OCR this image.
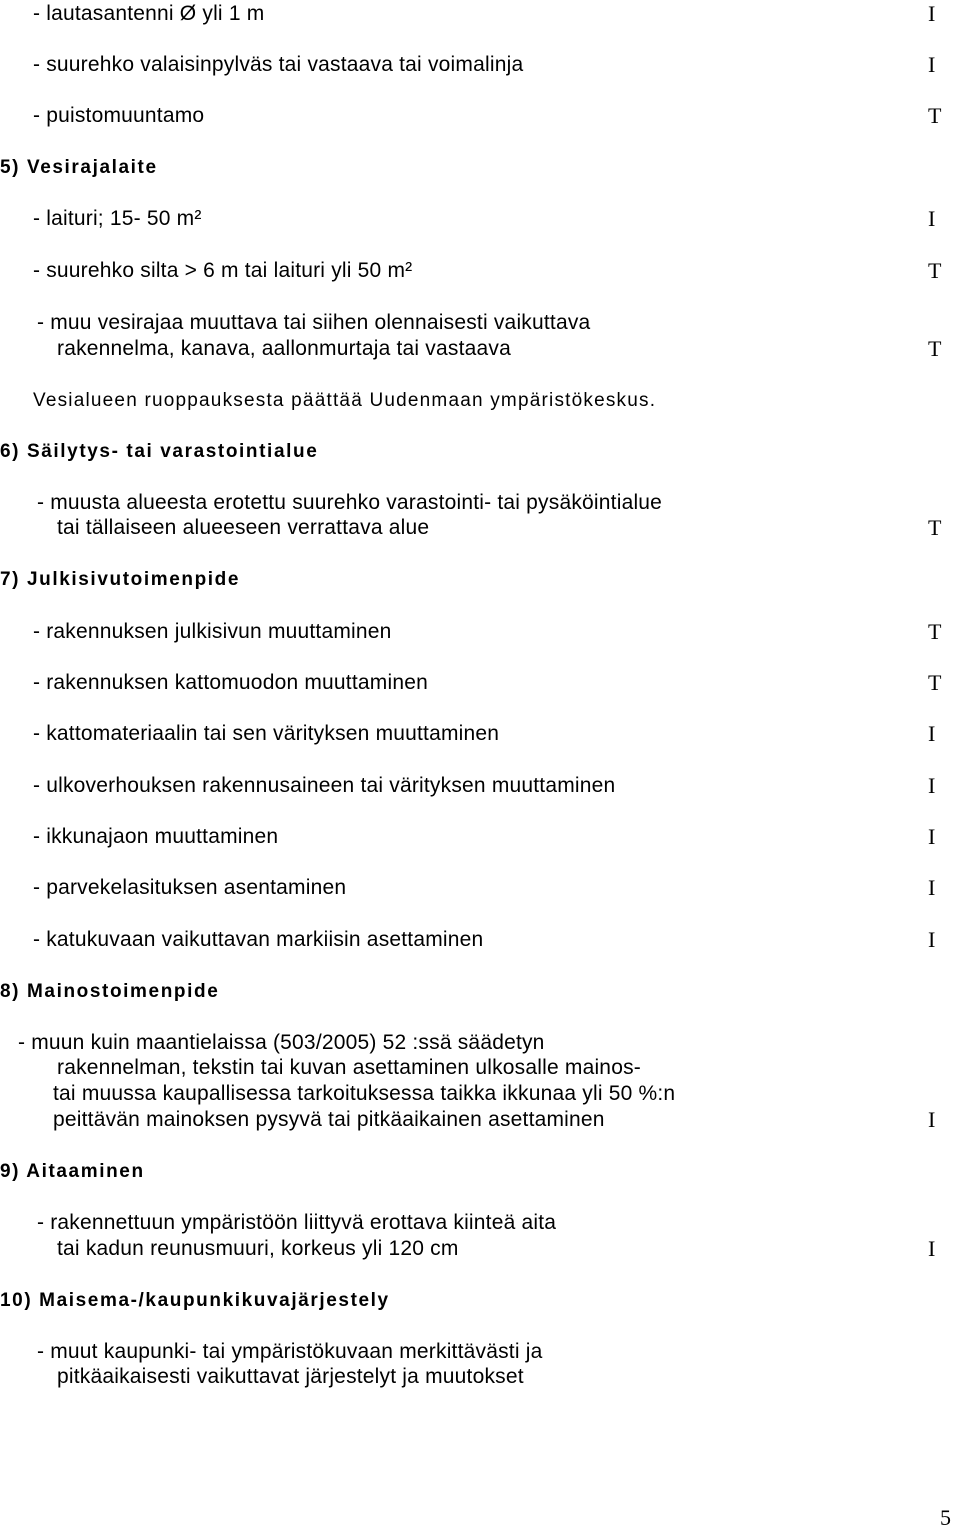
- lautasantenni Ø yli 1 m	I
- suurehko valaisinpylväs tai vastaava tai voimalinja	I
- puistomuuntamo	T
5) Vesirajalaite
- laituri; 15- 50 m²	I
- suurehko silta > 6 m tai laituri yli 50 m²	T
- muu vesirajaa muuttava tai siihen olennaisesti vaikuttava
rakennelma, kanava, aallonmurtaja tai vastaava	T
Vesialueen ruoppauksesta päättää Uudenmaan ympäristökeskus.
6) Säilytys- tai varastointialue
- muusta alueesta erotettu suurehko varastointi- tai pysäköintialue
tai tällaiseen alueeseen verrattava alue	T
7) Julkisivutoimenpide
- rakennuksen julkisivun muuttaminen	T
- rakennuksen kattomuodon muuttaminen	T
- kattomateriaalin tai sen värityksen muuttaminen	I
- ulkoverhouksen rakennusaineen tai värityksen muuttaminen	I
- ikkunajaon muuttaminen	I
- parvekelasituksen asentaminen	I
- katukuvaan vaikuttavan markiisin asettaminen	I
8) Mainostoimenpide
- muun kuin maantielaissa (503/2005) 52 :ssä säädetyn
rakennelman, tekstin tai kuvan asettaminen ulkosalle mainos-
tai muussa kaupallisessa tarkoituksessa taikka ikkunaa yli 50 %:n
peittävän mainoksen pysyvä tai pitkäaikainen asettaminen	I
9) Aitaaminen
- rakennettuun ympäristöön liittyvä erottava kiinteä aita
tai kadun reunusmuuri, korkeus yli 120 cm	I
10) Maisema-/kaupunkikuvajärjestely
- muut kaupunki- tai ympäristökuvaan merkittävästi ja
pitkäaikaisesti vaikuttavat järjestelyt ja muutokset
5
